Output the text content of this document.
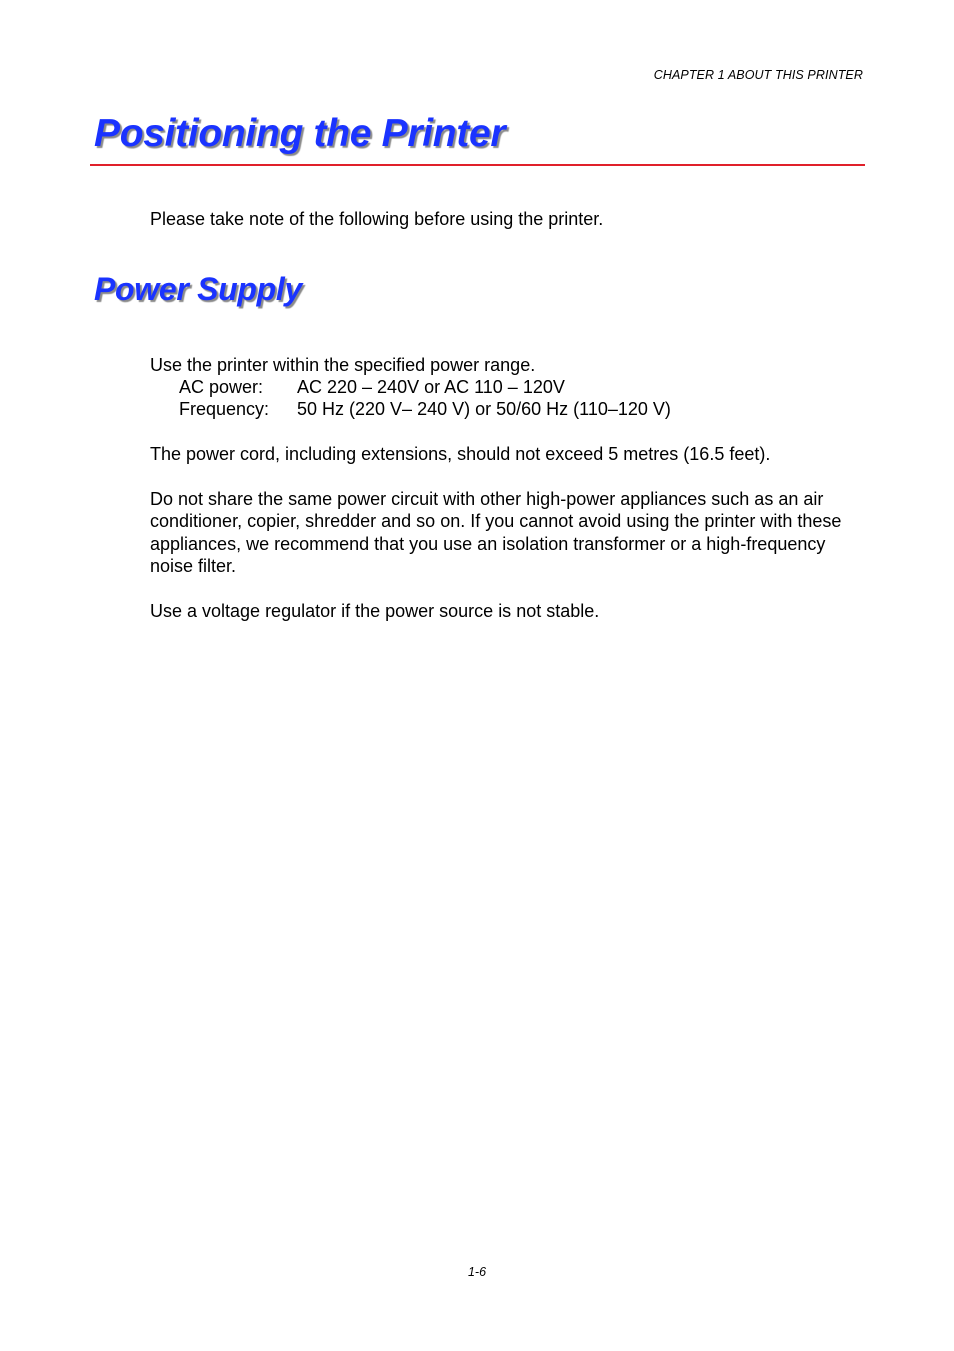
CHAPTER 1 ABOUT THIS PRINTER
Positioning the Printer

Please take note of the following before using the printer.

Power Supply

Use the printer within the specified power range.

AC power: AC 220 – 240V or AC 110 – 120V
Frequency: 50 Hz (220 V– 240 V) or 50/60 Hz (110–120 V)

The power cord, including extensions, should not exceed 5 metres (16.5 feet).

Do not share the same power circuit with other high-power appliances such as an air conditioner, copier, shredder and so on. If you cannot avoid using the printer with these appliances, we recommend that you use an isolation transformer or a high-frequency noise filter.

Use a voltage regulator if the power source is not stable.

1-6
